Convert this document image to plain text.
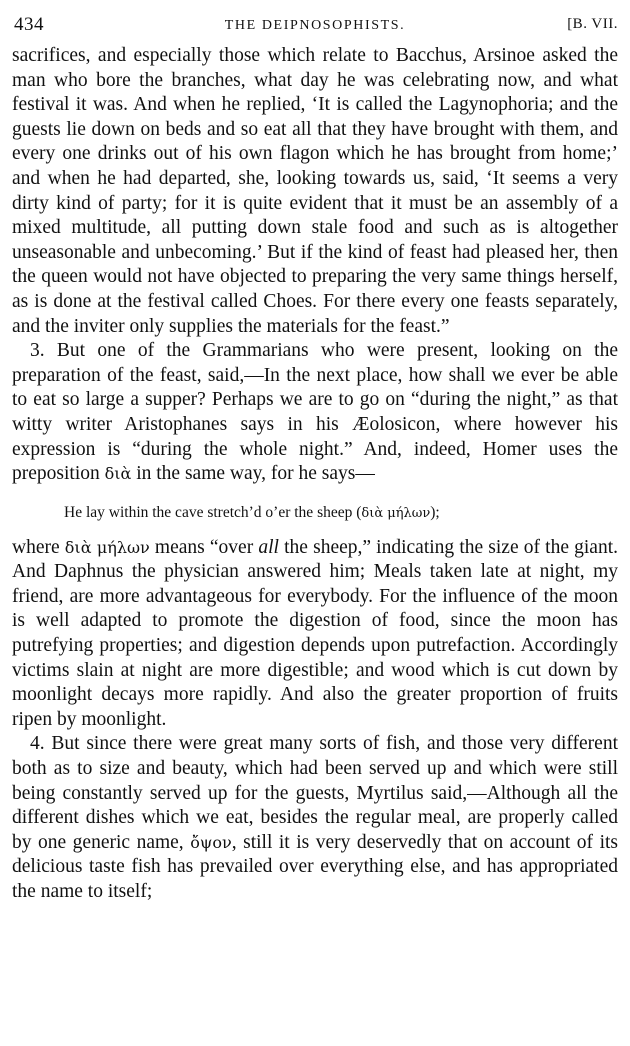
434	THE DEIPNOSOPHISTS.	[B. VII.

sacrifices, and especially those which relate to Bacchus, Arsinoe asked the man who bore the branches, what day he was celebrating now, and what festival it was. And when he replied, ‘It is called the Lagynophoria; and the guests lie down on beds and so eat all that they have brought with them, and every one drinks out of his own flagon which he has brought from home;’ and when he had departed, she, looking towards us, said, ‘It seems a very dirty kind of party; for it is quite evident that it must be an assembly of a mixed multitude, all putting down stale food and such as is altogether unseasonable and unbecoming.’ But if the kind of feast had pleased her, then the queen would not have objected to preparing the very same things herself, as is done at the festival called Choes. For there every one feasts separately, and the inviter only supplies the materials for the feast.”

3. But one of the Grammarians who were present, looking on the preparation of the feast, said,—In the next place, how shall we ever be able to eat so large a supper? Perhaps we are to go on “during the night,” as that witty writer Aristophanes says in his Æolosicon, where however his expression is “during the whole night.” And, indeed, Homer uses the preposition διὰ in the same way, for he says—

He lay within the cave stretch’d o’er the sheep (διὰ μήλων);

where διὰ μήλων means “over all the sheep,” indicating the size of the giant. And Daphnus the physician answered him; Meals taken late at night, my friend, are more advantageous for everybody. For the influence of the moon is well adapted to promote the digestion of food, since the moon has putrefying properties; and digestion depends upon putrefaction. Accordingly victims slain at night are more digestible; and wood which is cut down by moonlight decays more rapidly. And also the greater proportion of fruits ripen by moonlight.

4. But since there were great many sorts of fish, and those very different both as to size and beauty, which had been served up and which were still being constantly served up for the guests, Myrtilus said,—Although all the different dishes which we eat, besides the regular meal, are properly called by one generic name, ὄψον, still it is very deservedly that on account of its delicious taste fish has prevailed over everything else, and has appropriated the name to itself;
